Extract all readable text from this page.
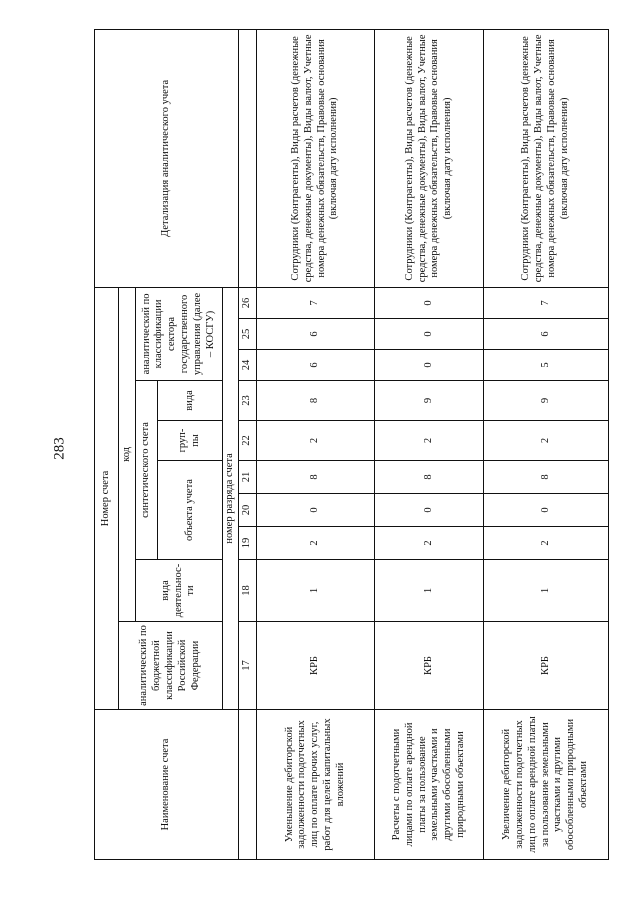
283
Наименование счета	Номер счета										Детализация аналитического учета
	аналитический по бюджетной классификации Российской Федерации	код									
		вида деятельнос-ти	синтетического счета					аналитический по классификации сектора государственного управления (далее – КОСГУ)			
			объекта учета			груп-пы	вида				
	номер разряда счета										
	17	18	19	20	21	22	23	24	25	26	
Уменьшение дебиторской задолженности подотчетных лиц по оплате прочих услуг, работ для целей капитальных вложений	КРБ	1	2	0	8	2	8	6	6	7	Сотрудники (Контрагенты), Виды расчетов (денежные средства, денежные документы), Виды валют, Учетные номера денежных обязательств, Правовые основания (включая дату исполнения)
Расчеты с подотчетными лицами по оплате арендной платы за пользование земельными участками и другими обособленными природными объектами	КРБ	1	2	0	8	2	9	0	0	0	Сотрудники (Контрагенты), Виды расчетов (денежные средства, денежные документы), Виды валют, Учетные номера денежных обязательств, Правовые основания (включая дату исполнения)
Увеличение дебиторской задолженности подотчетных лиц по оплате арендной платы за пользование земельными участками и другими обособленными природными объектами	КРБ	1	2	0	8	2	9	5	6	7	Сотрудники (Контрагенты), Виды расчетов (денежные средства, денежные документы), Виды валют, Учетные номера денежных обязательств, Правовые основания (включая дату исполнения)
